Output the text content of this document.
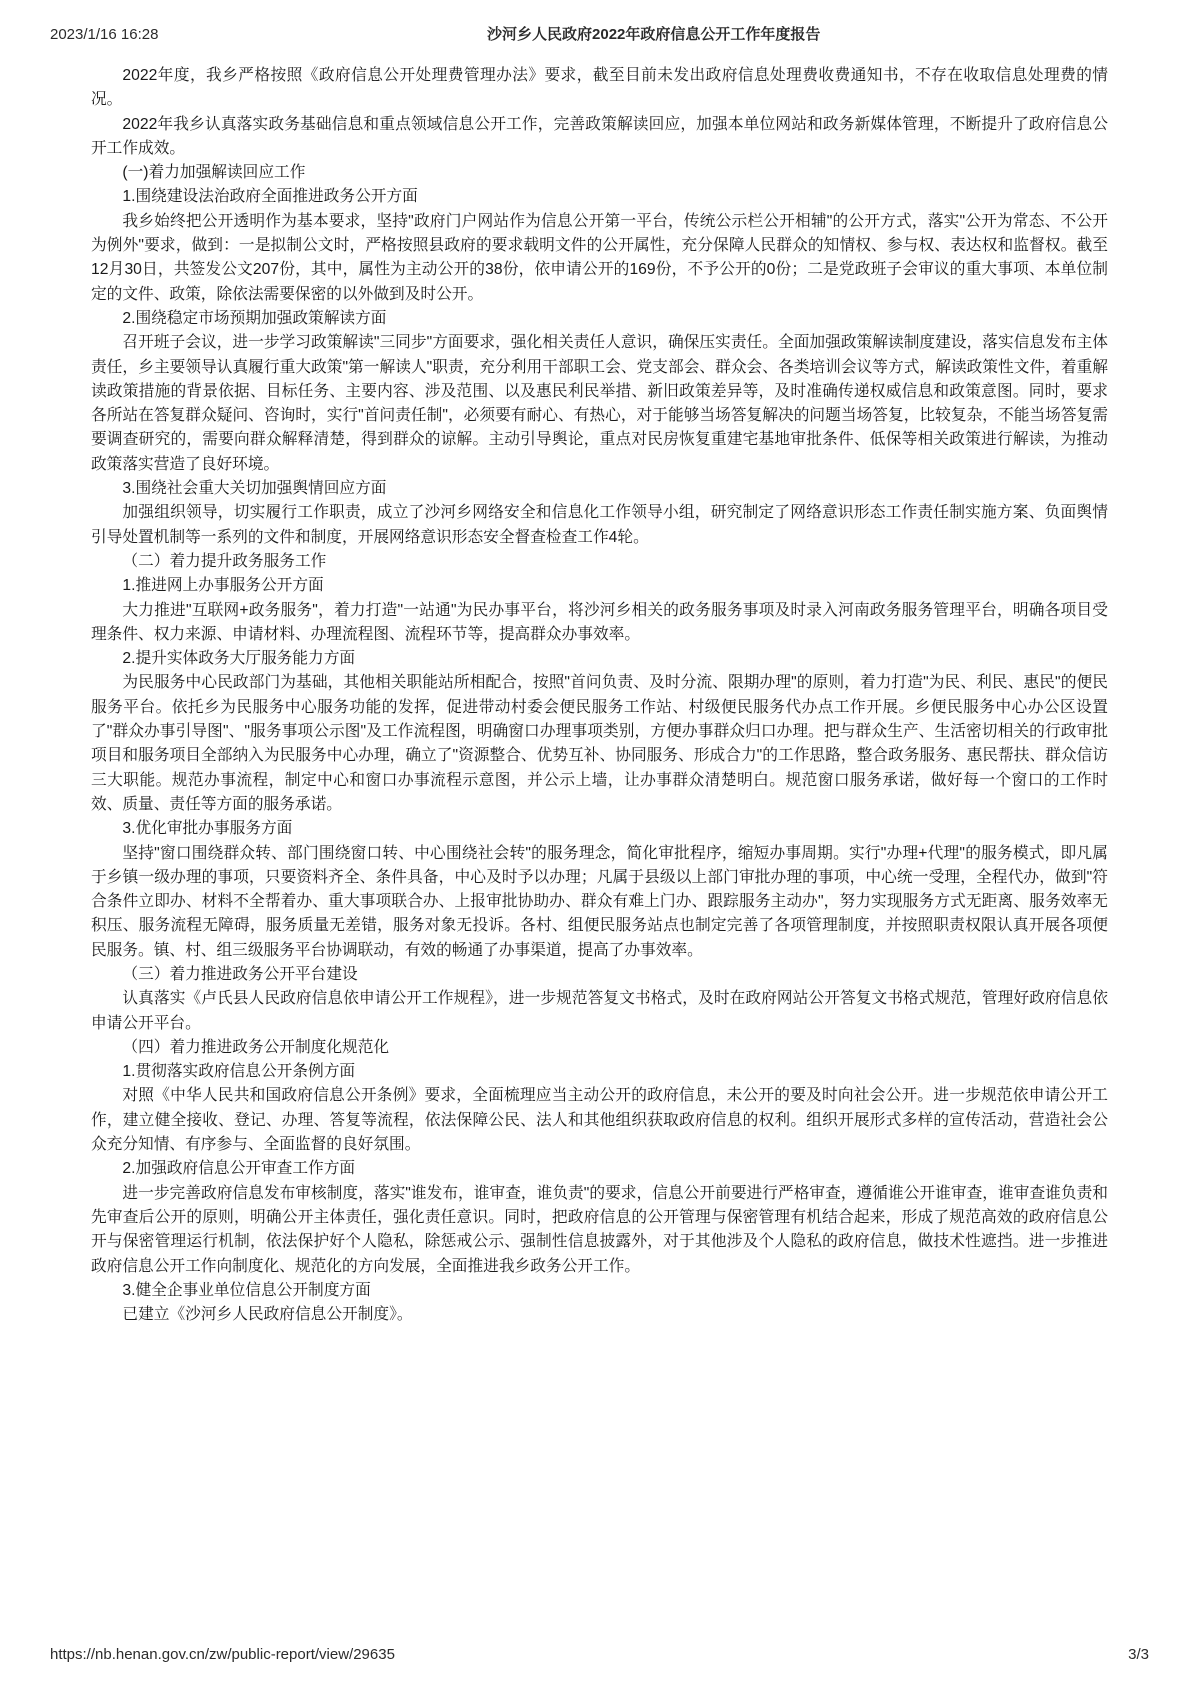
2023/1/16 16:28	沙河乡人民政府2022年政府信息公开工作年度报告

2022年度，我乡严格按照《政府信息公开处理费管理办法》要求，截至目前未发出政府信息处理费收费通知书，不存在收取信息处理费的情况。

2022年我乡认真落实政务基础信息和重点领域信息公开工作，完善政策解读回应，加强本单位网站和政务新媒体管理，不断提升了政府信息公开工作成效。

(一)着力加强解读回应工作

1.围绕建设法治政府全面推进政务公开方面

我乡始终把公开透明作为基本要求，坚持"政府门户网站作为信息公开第一平台，传统公示栏公开相辅"的公开方式，落实"公开为常态、不公开为例外"要求，做到：一是拟制公文时，严格按照县政府的要求载明文件的公开属性，充分保障人民群众的知情权、参与权、表达权和监督权。截至12月30日，共签发公文207份，其中，属性为主动公开的38份，依申请公开的169份，不予公开的0份；二是党政班子会审议的重大事项、本单位制定的文件、政策，除依法需要保密的以外做到及时公开。

2.围绕稳定市场预期加强政策解读方面

召开班子会议，进一步学习政策解读"三同步"方面要求，强化相关责任人意识，确保压实责任。全面加强政策解读制度建设，落实信息发布主体责任，乡主要领导认真履行重大政策"第一解读人"职责，充分利用干部职工会、党支部会、群众会、各类培训会议等方式，解读政策性文件，着重解读政策措施的背景依据、目标任务、主要内容、涉及范围、以及惠民利民举措、新旧政策差异等，及时准确传递权威信息和政策意图。同时，要求各所站在答复群众疑问、咨询时，实行"首问责任制"，必须要有耐心、有热心，对于能够当场答复解决的问题当场答复，比较复杂，不能当场答复需要调查研究的，需要向群众解释清楚，得到群众的谅解。主动引导舆论，重点对民房恢复重建宅基地审批条件、低保等相关政策进行解读，为推动政策落实营造了良好环境。

3.围绕社会重大关切加强舆情回应方面

加强组织领导，切实履行工作职责，成立了沙河乡网络安全和信息化工作领导小组，研究制定了网络意识形态工作责任制实施方案、负面舆情引导处置机制等一系列的文件和制度，开展网络意识形态安全督查检查工作4轮。

（二）着力提升政务服务工作

1.推进网上办事服务公开方面

大力推进"互联网+政务服务"，着力打造"一站通"为民办事平台，将沙河乡相关的政务服务事项及时录入河南政务服务管理平台，明确各项目受理条件、权力来源、申请材料、办理流程图、流程环节等，提高群众办事效率。

2.提升实体政务大厅服务能力方面

为民服务中心民政部门为基础，其他相关职能站所相配合，按照"首问负责、及时分流、限期办理"的原则，着力打造"为民、利民、惠民"的便民服务平台。依托乡为民服务中心服务功能的发挥，促进带动村委会便民服务工作站、村级便民服务代办点工作开展。乡便民服务中心办公区设置了"群众办事引导图"、"服务事项公示图"及工作流程图，明确窗口办理事项类别，方便办事群众归口办理。把与群众生产、生活密切相关的行政审批项目和服务项目全部纳入为民服务中心办理，确立了"资源整合、优势互补、协同服务、形成合力"的工作思路，整合政务服务、惠民帮扶、群众信访三大职能。规范办事流程，制定中心和窗口办事流程示意图，并公示上墙，让办事群众清楚明白。规范窗口服务承诺，做好每一个窗口的工作时效、质量、责任等方面的服务承诺。

3.优化审批办事服务方面

坚持"窗口围绕群众转、部门围绕窗口转、中心围绕社会转"的服务理念，简化审批程序，缩短办事周期。实行"办理+代理"的服务模式，即凡属于乡镇一级办理的事项，只要资料齐全、条件具备，中心及时予以办理；凡属于县级以上部门审批办理的事项，中心统一受理，全程代办，做到"符合条件立即办、材料不全帮着办、重大事项联合办、上报审批协助办、群众有难上门办、跟踪服务主动办"，努力实现服务方式无距离、服务效率无积压、服务流程无障碍，服务质量无差错，服务对象无投诉。各村、组便民服务站点也制定完善了各项管理制度，并按照职责权限认真开展各项便民服务。镇、村、组三级服务平台协调联动，有效的畅通了办事渠道，提高了办事效率。

（三）着力推进政务公开平台建设

认真落实《卢氏县人民政府信息依申请公开工作规程》，进一步规范答复文书格式，及时在政府网站公开答复文书格式规范，管理好政府信息依申请公开平台。

（四）着力推进政务公开制度化规范化

1.贯彻落实政府信息公开条例方面

对照《中华人民共和国政府信息公开条例》要求，全面梳理应当主动公开的政府信息，未公开的要及时向社会公开。进一步规范依申请公开工作，建立健全接收、登记、办理、答复等流程，依法保障公民、法人和其他组织获取政府信息的权利。组织开展形式多样的宣传活动，营造社会公众充分知情、有序参与、全面监督的良好氛围。

2.加强政府信息公开审查工作方面

进一步完善政府信息发布审核制度，落实"谁发布，谁审查，谁负责"的要求，信息公开前要进行严格审查，遵循谁公开谁审查，谁审查谁负责和先审查后公开的原则，明确公开主体责任，强化责任意识。同时，把政府信息的公开管理与保密管理有机结合起来，形成了规范高效的政府信息公开与保密管理运行机制，依法保护好个人隐私，除惩戒公示、强制性信息披露外，对于其他涉及个人隐私的政府信息，做技术性遮挡。进一步推进政府信息公开工作向制度化、规范化的方向发展，全面推进我乡政务公开工作。

3.健全企事业单位信息公开制度方面

已建立《沙河乡人民政府信息公开制度》。

https://nb.henan.gov.cn/zw/public-report/view/29635	3/3
